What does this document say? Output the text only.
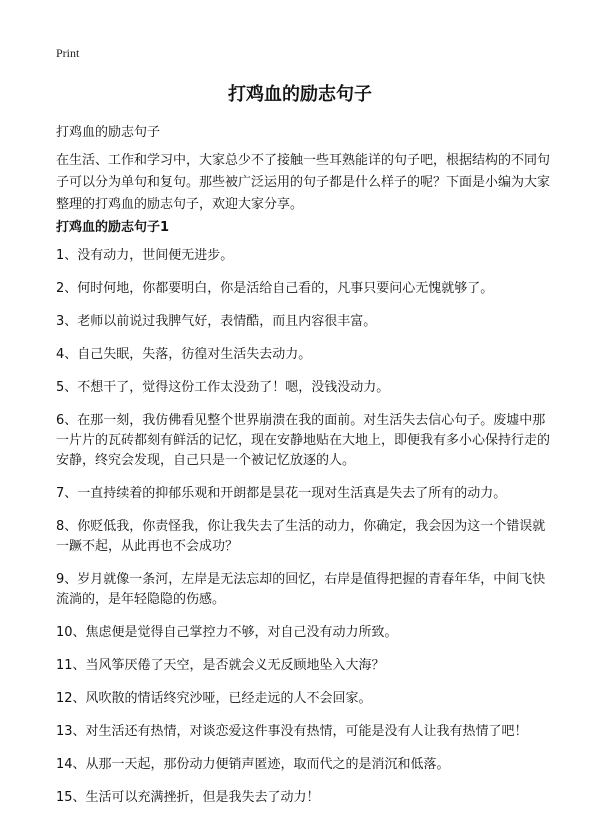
Print
打鸡血的励志句子

打鸡血的励志句子

在生活、工作和学习中，大家总少不了接触一些耳熟能详的句子吧，根据结构的不同句子可以分为单句和复句。那些被广泛运用的句子都是什么样子的呢？下面是小编为大家整理的打鸡血的励志句子，欢迎大家分享。

打鸡血的励志句子1

1、没有动力，世间便无进步。

2、何时何地，你都要明白，你是活给自己看的，凡事只要问心无愧就够了。

3、老师以前说过我脾气好，表情酷，而且内容很丰富。

4、自己失眠，失落，彷徨对生活失去动力。

5、不想干了，觉得这份工作太没劲了！嗯，没钱没动力。

6、在那一刻，我仿佛看见整个世界崩溃在我的面前。对生活失去信心句子。废墟中那一片片的瓦砖都刻有鲜活的记忆，现在安静地贴在大地上，即便我有多小心保持行走的安静，终究会发现，自己只是一个被记忆放逐的人。

7、一直持续着的抑郁乐观和开朗都是昙花一现对生活真是失去了所有的动力。

8、你贬低我，你责怪我，你让我失去了生活的动力，你确定，我会因为这一个错误就一蹶不起，从此再也不会成功？

9、岁月就像一条河，左岸是无法忘却的回忆，右岸是值得把握的青春年华，中间飞快流淌的，是年轻隐隐的伤感。

10、焦虑便是觉得自己掌控力不够，对自己没有动力所致。

11、当风筝厌倦了天空，是否就会义无反顾地坠入大海？

12、风吹散的情话终究沙哑，已经走远的人不会回家。

13、对生活还有热情，对谈恋爱这件事没有热情，可能是没有人让我有热情了吧！

14、从那一天起，那份动力便销声匿迹，取而代之的是消沉和低落。

15、生活可以充满挫折，但是我失去了动力！
